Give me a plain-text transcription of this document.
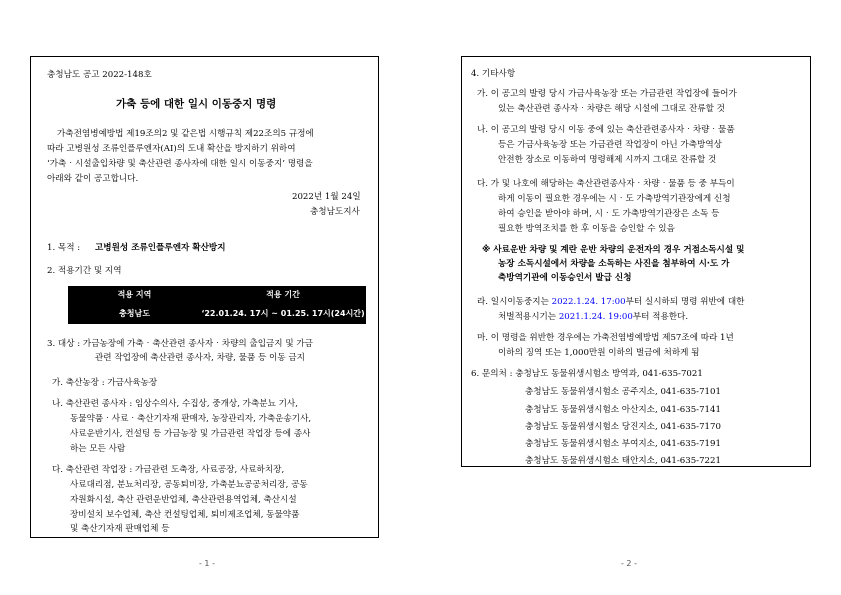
충청남도 공고 2022-148호
가축 등에 대한 일시 이동중지 명령
가축전염병예방법 제19조의2 및 같은법 시행규칙 제22조의5 규정에
따라 고병원성 조류인플루엔자(AI)의 도내 확산을 방지하기 위하여
‘가축‧시설출입차량 및 축산관련 종사자에 대한 일시 이동중지’ 명령을
아래와 같이 공고합니다.
2022년 1월 24일
충청남도지사
1. 목적 : 고병원성 조류인플루엔자 확산방지
2. 적용기간 및 지역
적용 지역	적용 기간
충청남도	‘22.01.24. 17시 ~ 01.25. 17시(24시간)
3. 대상 : 가금농장에 가축‧축산관련 종사자‧차량의 출입금지 및 가금
관련 작업장에 축산관련 종사자, 차량, 물품 등 이동 금지
가. 축산농장 : 가금사육농장
나. 축산관련 종사자 : 임상수의사, 수집상, 중개상, 가축분뇨 기사,
동물약품‧사료‧축산기자재 판매자, 농장관리자, 가축운송기사,
사료운반기사, 컨설팅 등 가금농장 및 가금관련 작업장 등에 종사
하는 모든 사람
다. 축산관련 작업장 : 가금관련 도축장, 사료공장, 사료하치장,
사료대리점, 분뇨처리장, 공동퇴비장, 가축분뇨공공처리장, 공동
자원화시설, 축산 관련운반업체, 축산관련용역업체, 축산시설
장비설치 보수업체, 축산 컨설팅업체, 퇴비제조업체, 동물약품
및 축산기자재 판매업체 등
- 1 -
4. 기타사항
가. 이 공고의 발령 당시 가금사육농장 또는 가금관련 작업장에 들어가
있는 축산관련 종사자‧차량은 해당 시설에 그대로 잔류할 것
나. 이 공고의 발령 당시 이동 중에 있는 축산관련종사자‧차량‧물품
등은 가금사육농장 또는 가금관련 작업장이 아닌 가축방역상
안전한 장소로 이동하여 명령해제 시까지 그대로 잔류할 것
다. 가 및 나호에 해당하는 축산관련종사자‧차량‧물품 등 중 부득이
하게 이동이 필요한 경우에는 시‧도 가축방역기관장에게 신청
하여 승인을 받아야 하며, 시‧도 가축방역기관장은 소독 등
필요한 방역조치를 한 후 이동을 승인할 수 있음
※ 사료운반 차량 및 계란 운반 차량의 운전자의 경우 거점소독시설 및
농장 소독시설에서 차량을 소독하는 사진을 첨부하여 시‧도 가
축방역기관에 이동승인서 발급 신청
라. 일시이동중지는 2022.1.24. 17:00부터 실시하되 명령 위반에 대한
처벌적용시기는 2021.1.24. 19:00부터 적용한다.
마. 이 명령을 위반한 경우에는 가축전염병예방법 제57조에 따라 1년
이하의 징역 또는 1,000만원 이하의 벌금에 처하게 됨
6. 문의처 : 충청남도 동물위생시험소 방역과, 041-635-7021
충청남도 동물위생시험소 공주지소, 041-635-7101
충청남도 동물위생시험소 아산지소, 041-635-7141
충청남도 동물위생시험소 당진지소, 041-635-7170
충청남도 동물위생시험소 부여지소, 041-635-7191
충청남도 동물위생시험소 태안지소, 041-635-7221
- 2 -
